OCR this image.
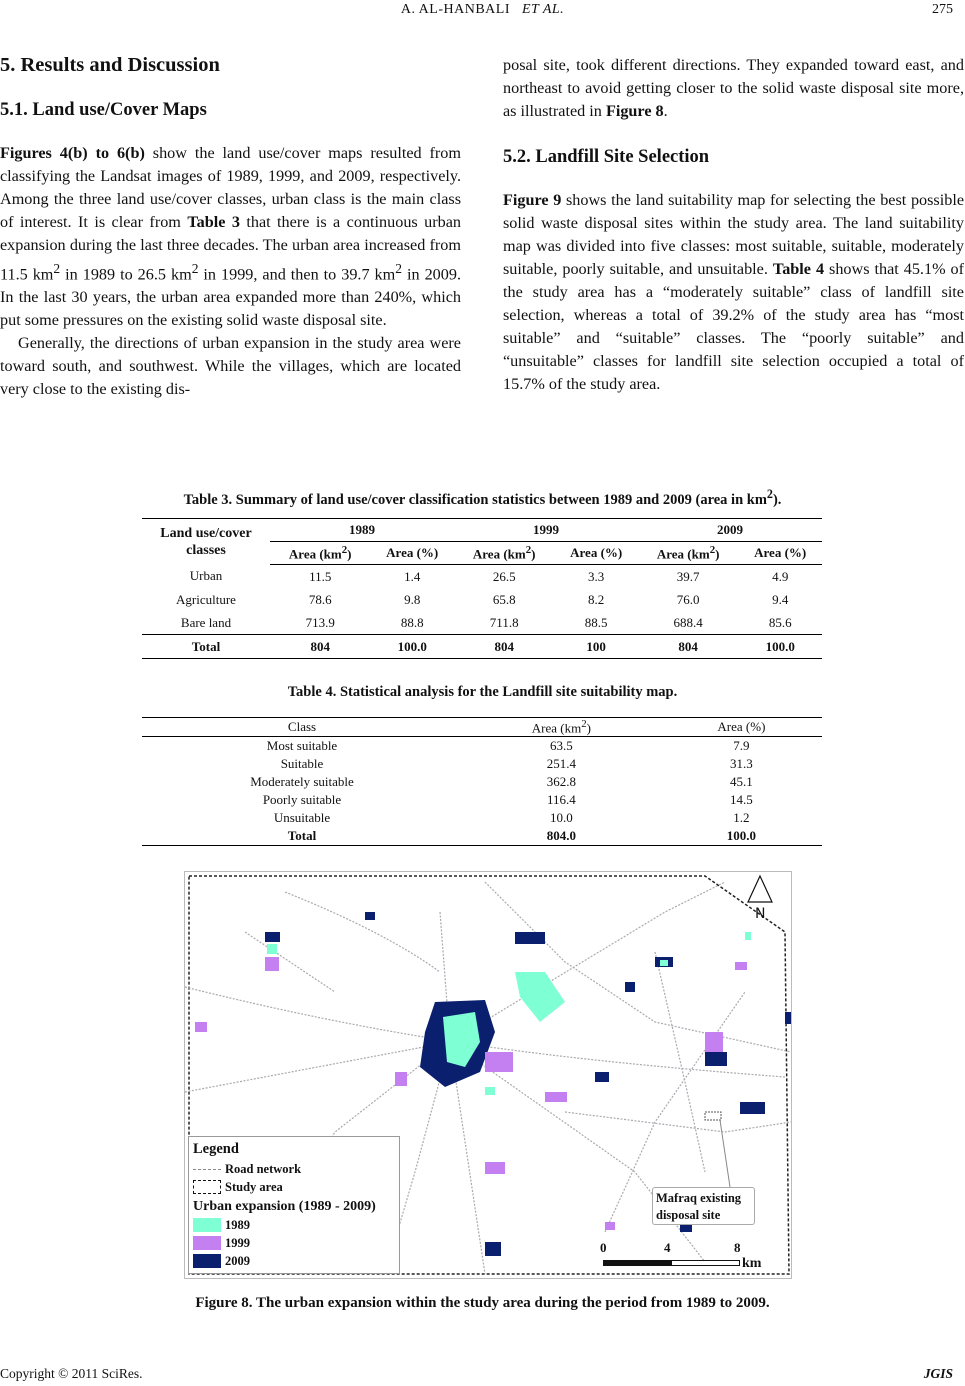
A. AL-HANBALI ET AL.	275
5. Results and Discussion
5.1. Land use/Cover Maps

Figures 4(b) to 6(b) show the land use/cover maps resulted from classifying the Landsat images of 1989, 1999, and 2009, respectively. Among the three land use/cover classes, urban class is the main class of interest. It is clear from Table 3 that there is a continuous urban expansion during the last three decades. The urban area increased from 11.5 $km^2$ in 1989 to 26.5 $km^2$ in 1999, and then to 39.7 $km^2$ in 2009. In the last 30 years, the urban area expanded more than 240%, which put some pressures on the existing solid waste disposal site.

Generally, the directions of urban expansion in the study area were toward south, and southwest. While the villages, which are located very close to the existing dis-

posal site, took different directions. They expanded toward east, and northeast to avoid getting closer to the solid waste disposal site more, as illustrated in Figure 8.

5.2. Landfill Site Selection

Figure 9 shows the land suitability map for selecting the best possible solid waste disposal sites within the study area. The land suitability map was divided into five classes: most suitable, suitable, moderately suitable, poorly suitable, and unsuitable. Table 4 shows that 45.1% of the study area has a “moderately suitable” class of landfill site selection, whereas a total of 39.2% of the study area has “most suitable” and “suitable” classes. The “poorly suitable” and “unsuitable” classes for landfill site selection occupied a total of 15.7% of the study area.

Table 3. Summary of land use/cover classification statistics between 1989 and 2009 (area in $km^2$).
Land use/cover
classes	1989		1999		2009	
	Area $(km^2)$	Area (%)	Area $(km^2)$	Area (%)	Area $(km^2)$	Area (%)
Urban	11.5	1.4	26.5	3.3	39.7	4.9
Agriculture	78.6	9.8	65.8	8.2	76.0	9.4
Bare land	713.9	88.8	711.8	88.5	688.4	85.6
Total	804	100.0	804	100	804	100.0
Table 4. Statistical analysis for the Landfill site suitability map.
Class	Area $(km^2)$	Area (%)
Most suitable	63.5	7.9
Suitable	251.4	31.3
Moderately suitable	362.8	45.1
Poorly suitable	116.4	14.5
Unsuitable	10.0	1.2
Total	804.0	100.0
N
Legend
Road network
Study area
Urban expansion (1989 - 2009)
1989
1999
2009
Mafraq existing
disposal site
0	4	8
km
Figure 8. The urban expansion within the study area during the period from 1989 to 2009.
Copyright © 2011 SciRes.	JGIS
